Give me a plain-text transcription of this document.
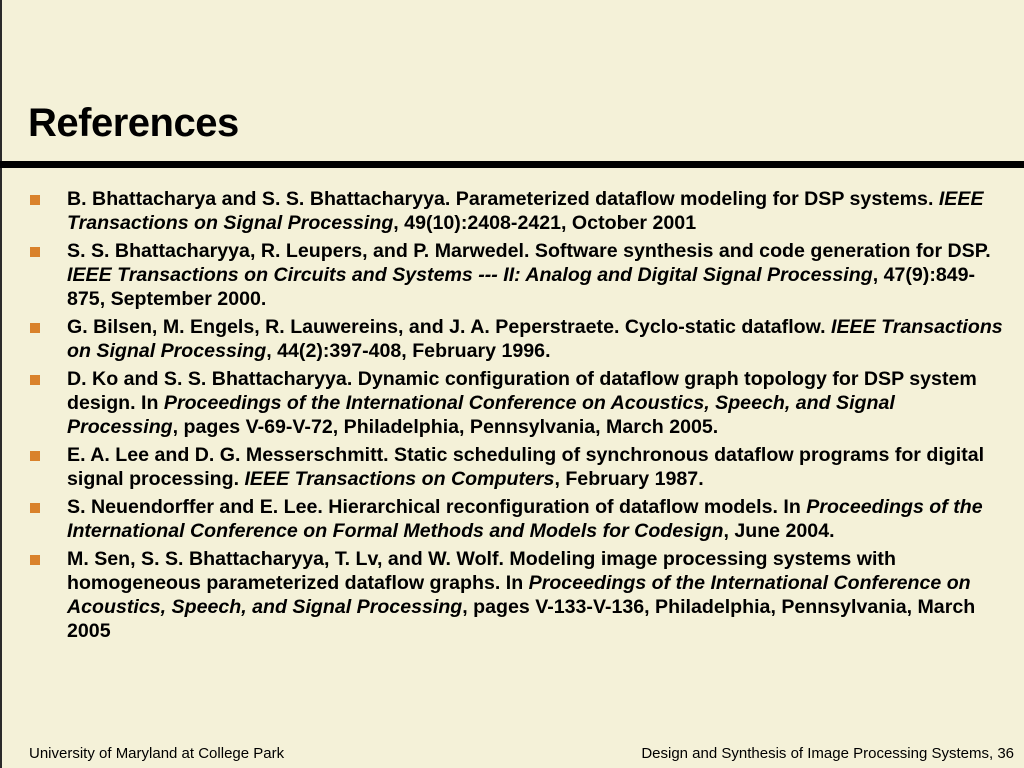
References
B. Bhattacharya and S. S. Bhattacharyya. Parameterized dataflow modeling for DSP systems. IEEE Transactions on Signal Processing, 49(10):2408-2421, October 2001
S. S. Bhattacharyya, R. Leupers, and P. Marwedel. Software synthesis and code generation for DSP. IEEE Transactions on Circuits and Systems --- II: Analog and Digital Signal Processing, 47(9):849-875, September 2000.
G. Bilsen, M. Engels, R. Lauwereins, and J. A. Peperstraete. Cyclo-static dataflow. IEEE Transactions on Signal Processing, 44(2):397-408, February 1996.
D. Ko and S. S. Bhattacharyya. Dynamic configuration of dataflow graph topology for DSP system design. In Proceedings of the International Conference on Acoustics, Speech, and Signal Processing, pages V-69-V-72, Philadelphia, Pennsylvania, March 2005.
E. A. Lee and D. G. Messerschmitt. Static scheduling of synchronous dataflow programs for digital signal processing. IEEE Transactions on Computers, February 1987.
S. Neuendorffer and E. Lee. Hierarchical reconfiguration of dataflow models. In Proceedings of the International Conference on Formal Methods and Models for Codesign, June 2004.
M. Sen, S. S. Bhattacharyya, T. Lv, and W. Wolf. Modeling image processing systems with homogeneous parameterized dataflow graphs. In Proceedings of the International Conference on Acoustics, Speech, and Signal Processing, pages V-133-V-136, Philadelphia, Pennsylvania, March 2005
University of Maryland at College Park	Design and Synthesis of Image Processing Systems, 36
